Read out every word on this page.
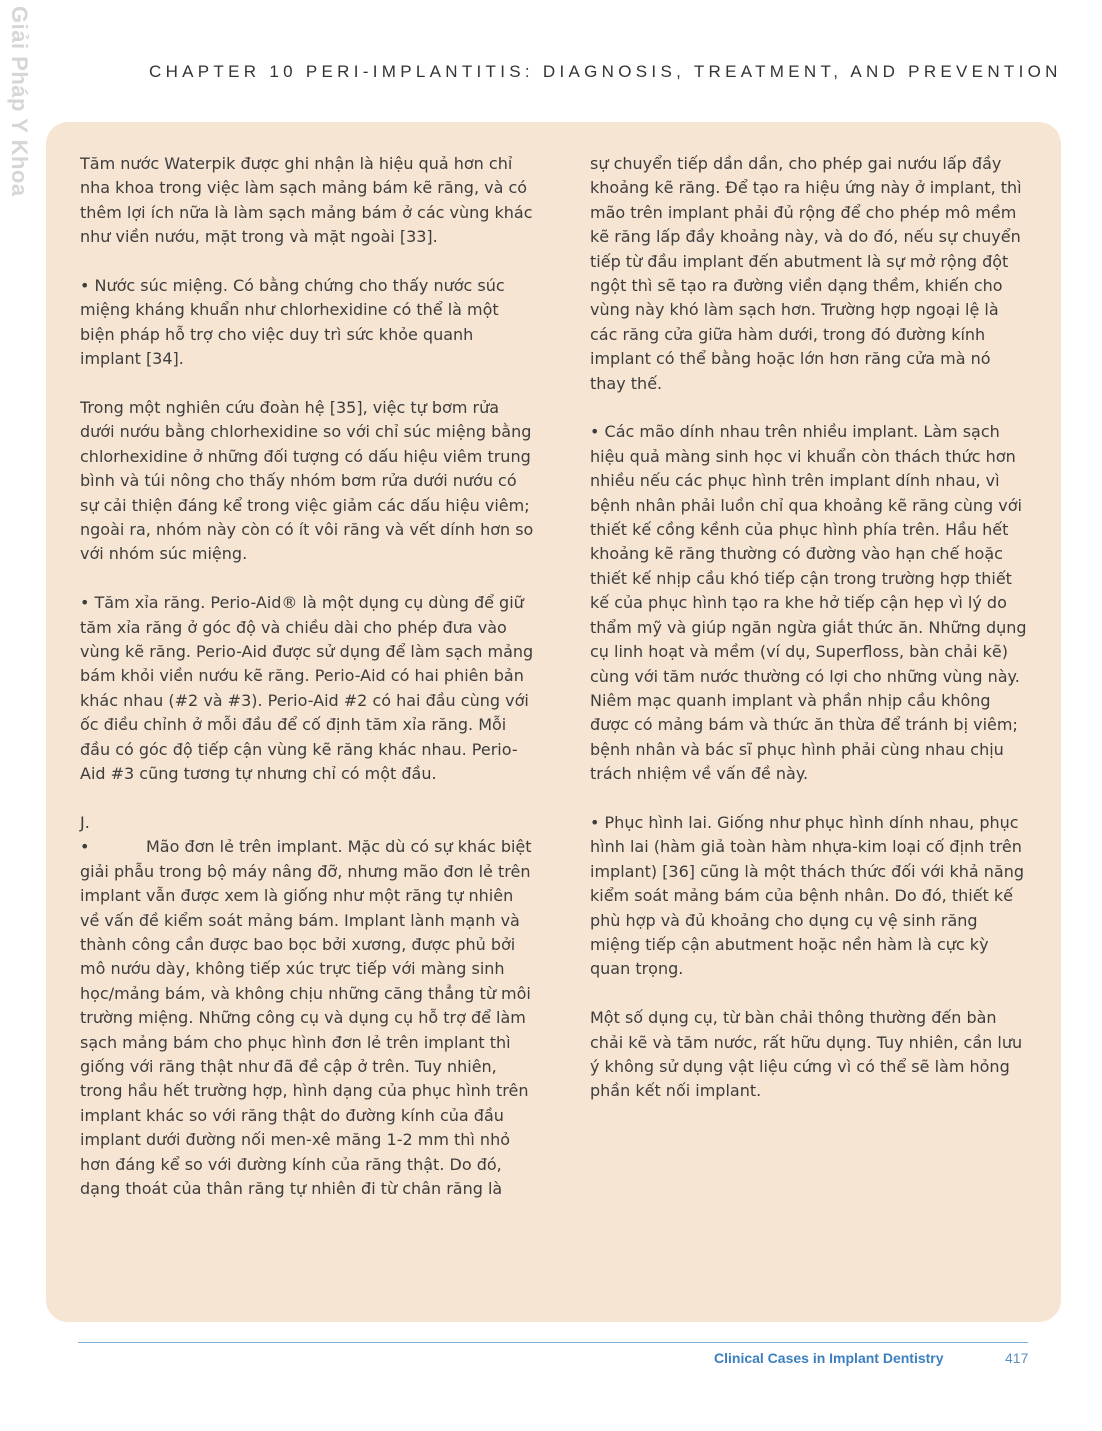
Giải Pháp Y Khoa	CHAPTER 10 PERI-IMPLANTITIS: DIAGNOSIS, TREATMENT, AND PREVENTION

Tăm nước Waterpik được ghi nhận là hiệu quả hơn chỉ nha khoa trong việc làm sạch mảng bám kẽ răng, và có thêm lợi ích nữa là làm sạch mảng bám ở các vùng khác như viền nướu, mặt trong và mặt ngoài [33].

• Nước súc miệng. Có bằng chứng cho thấy nước súc miệng kháng khuẩn như chlorhexidine có thể là một biện pháp hỗ trợ cho việc duy trì sức khỏe quanh implant [34].

Trong một nghiên cứu đoàn hệ [35], việc tự bơm rửa dưới nướu bằng chlorhexidine so với chỉ súc miệng bằng chlorhexidine ở những đối tượng có dấu hiệu viêm trung bình và túi nông cho thấy nhóm bơm rửa dưới nướu có sự cải thiện đáng kể trong việc giảm các dấu hiệu viêm; ngoài ra, nhóm này còn có ít vôi răng và vết dính hơn so với nhóm súc miệng.

• Tăm xỉa răng. Perio-Aid® là một dụng cụ dùng để giữ tăm xỉa răng ở góc độ và chiều dài cho phép đưa vào vùng kẽ răng. Perio-Aid được sử dụng để làm sạch mảng bám khỏi viền nướu kẽ răng. Perio-Aid có hai phiên bản khác nhau (#2 và #3). Perio-Aid #2 có hai đầu cùng với ốc điều chỉnh ở mỗi đầu để cố định tăm xỉa răng. Mỗi đầu có góc độ tiếp cận vùng kẽ răng khác nhau. Perio-Aid #3 cũng tương tự nhưng chỉ có một đầu.

J.

•	Mão đơn lẻ trên implant. Mặc dù có sự khác biệt giải phẫu trong bộ máy nâng đỡ, nhưng mão đơn lẻ trên implant vẫn được xem là giống như một răng tự nhiên về vấn đề kiểm soát mảng bám. Implant lành mạnh và thành công cần được bao bọc bởi xương, được phủ bởi mô nướu dày, không tiếp xúc trực tiếp với màng sinh học/mảng bám, và không chịu những căng thẳng từ môi trường miệng. Những công cụ và dụng cụ hỗ trợ để làm sạch mảng bám cho phục hình đơn lẻ trên implant thì giống với răng thật như đã đề cập ở trên. Tuy nhiên, trong hầu hết trường hợp, hình dạng của phục hình trên implant khác so với răng thật do đường kính của đầu implant dưới đường nối men-xê măng 1-2 mm thì nhỏ hơn đáng kể so với đường kính của răng thật. Do đó, dạng thoát của thân răng tự nhiên đi từ chân răng là

sự chuyển tiếp dần dần, cho phép gai nướu lấp đầy khoảng kẽ răng. Để tạo ra hiệu ứng này ở implant, thì mão trên implant phải đủ rộng để cho phép mô mềm kẽ răng lấp đầy khoảng này, và do đó, nếu sự chuyển tiếp từ đầu implant đến abutment là sự mở rộng đột ngột thì sẽ tạo ra đường viền dạng thềm, khiến cho vùng này khó làm sạch hơn. Trường hợp ngoại lệ là các răng cửa giữa hàm dưới, trong đó đường kính implant có thể bằng hoặc lớn hơn răng cửa mà nó thay thế.

• Các mão dính nhau trên nhiều implant. Làm sạch hiệu quả màng sinh học vi khuẩn còn thách thức hơn nhiều nếu các phục hình trên implant dính nhau, vì bệnh nhân phải luồn chỉ qua khoảng kẽ răng cùng với thiết kế cồng kềnh của phục hình phía trên. Hầu hết khoảng kẽ răng thường có đường vào hạn chế hoặc thiết kế nhịp cầu khó tiếp cận trong trường hợp thiết kế của phục hình tạo ra khe hở tiếp cận hẹp vì lý do thẩm mỹ và giúp ngăn ngừa giắt thức ăn. Những dụng cụ linh hoạt và mềm (ví dụ, Superfloss, bàn chải kẽ) cùng với tăm nước thường có lợi cho những vùng này. Niêm mạc quanh implant và phần nhịp cầu không được có mảng bám và thức ăn thừa để tránh bị viêm; bệnh nhân và bác sĩ phục hình phải cùng nhau chịu trách nhiệm về vấn đề này.

• Phục hình lai. Giống như phục hình dính nhau, phục hình lai (hàm giả toàn hàm nhựa-kim loại cố định trên implant) [36] cũng là một thách thức đối với khả năng kiểm soát mảng bám của bệnh nhân. Do đó, thiết kế phù hợp và đủ khoảng cho dụng cụ vệ sinh răng miệng tiếp cận abutment hoặc nền hàm là cực kỳ quan trọng.

Một số dụng cụ, từ bàn chải thông thường đến bàn chải kẽ và tăm nước, rất hữu dụng. Tuy nhiên, cần lưu ý không sử dụng vật liệu cứng vì có thể sẽ làm hỏng phần kết nối implant.

Clinical Cases in Implant Dentistry	417
